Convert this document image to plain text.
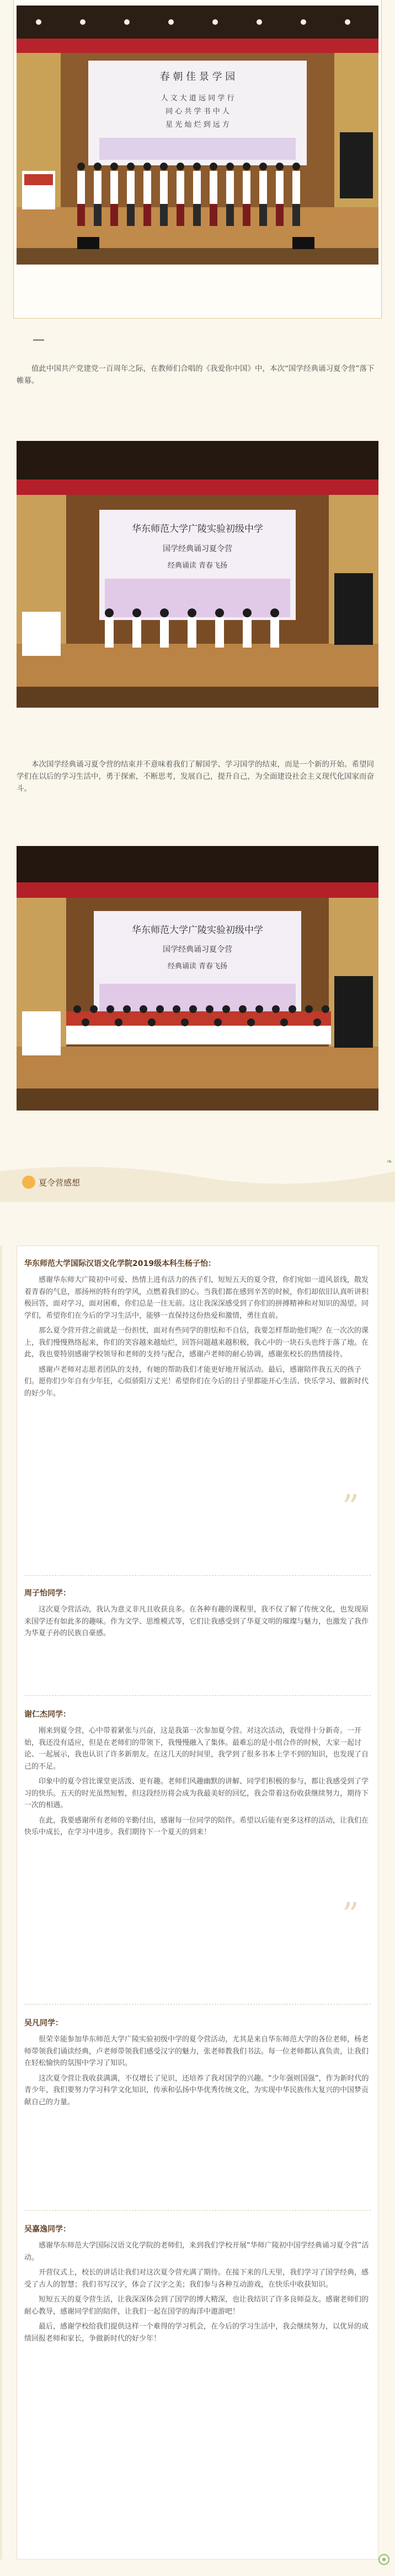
春 朝 佳 景 学 园
人 文 大 道 远 同 学 行
同 心 共 学 书 中 人
星 光 灿 烂 到 远 方
值此中国共产党建党一百周年之际，在教师们合唱的《我爱你中国》中，本次“国学经典诵习夏令营”落下帷幕。
华东师范大学广陵实验初级中学
国学经典诵习夏令营
经典诵读 青春飞扬
本次国学经典诵习夏令营的结束并不意味着我们了解国学、学习国学的结束，而是一个新的开始。希望同学们在以后的学习生活中，勇于探索，不断思考，发展自己，提升自己，为全面建设社会主义现代化国家而奋斗。
华东师范大学广陵实验初级中学
国学经典诵习夏令营
经典诵读 青春飞扬
夏令营感想
❧
华东师范大学国际汉语文化学院2019级本科生杨子怡：

感谢华东师大广陵初中可爱、热情上进有活力的孩子们，短短五天的夏令营，你们宛如一道风景线，散发着青春的气息，那扬州的特有的学风，点燃着我们的心。当我们都在感到辛苦的时候，你们却依旧认真听讲积极回答，面对学习，面对困难，你们总是一往无前。这让我深深感受到了你们的拼搏精神和对知识的渴望。同学们，希望你们在今后的学习生活中，能够一直保持这份热爱和激情，勇往直前。

那么夏令营开营之前就是一份担忧，面对有些同学的胆怯和不自信，我要怎样帮助他们呢？在一次次的课上，我们慢慢熟络起来，你们的笑容越来越灿烂，回答问题越来越积极，我心中的一块石头也终于落了地。在此，我也要特别感谢学校领导和老师的支持与配合，感谢卢老师的耐心协调，感谢张校长的热情接待。

感谢卢老师对志愿者团队的支持，有她的帮助我们才能更好地开展活动。最后，感谢陪伴我五天的孩子们。愿你们少年自有少年狂，心似骄阳万丈光！希望你们在今后的日子里都能开心生活、快乐学习、做新时代的好少年。

”
周子怡同学：

这次夏令营活动，我认为意义非凡且收获良多。在各种有趣的课程里，我不仅了解了传统文化，也发现原来国学还有如此多的趣味。作为文学、思维模式等，它们让我感受到了华夏文明的璀璨与魅力，也激发了我作为华夏子孙的民族自豪感。

谢仁杰同学：

刚来到夏令营，心中带着紧张与兴奋，这是我第一次参加夏令营。对这次活动，我觉得十分新奇。一开始，我还没有适应，但是在老师们的带领下，我慢慢融入了集体。最难忘的是小组合作的时候，大家一起讨论、一起展示，我也认识了许多新朋友。在这几天的时间里，我学到了很多书本上学不到的知识，也发现了自己的不足。

印象中的夏令营比课堂更活泼、更有趣。老师们风趣幽默的讲解、同学们积极的参与，都让我感受到了学习的快乐。五天的时光虽然短暂，但这段经历将会成为我最美好的回忆，我会带着这份收获继续努力，期待下一次的相遇。

在此，我要感谢所有老师的辛勤付出，感谢每一位同学的陪伴。希望以后能有更多这样的活动，让我们在快乐中成长，在学习中进步。我们期待下一个夏天的到来！

”
吴凡同学：

很荣幸能参加华东师范大学广陵实验初级中学的夏令营活动，尤其是来自华东师范大学的各位老师，杨老师带领我们诵读经典，卢老师带领我们感受汉字的魅力，张老师教我们书法。每一位老师都认真负责，让我们在轻松愉快的氛围中学习了知识。

这次夏令营让我收获满满，不仅增长了见识，还培养了我对国学的兴趣。“少年强则国强”，作为新时代的青少年，我们要努力学习科学文化知识，传承和弘扬中华优秀传统文化，为实现中华民族伟大复兴的中国梦贡献自己的力量。

吴嘉逸同学：

感谢华东师范大学国际汉语文化学院的老师们，来到我们学校开展“华师广陵初中国学经典诵习夏令营”活动。

开营仪式上，校长的讲话让我们对这次夏令营充满了期待。在接下来的几天里，我们学习了国学经典，感受了古人的智慧；我们书写汉字，体会了汉字之美；我们参与各种互动游戏，在快乐中收获知识。

短短五天的夏令营生活，让我深深体会到了国学的博大精深，也让我结识了许多良师益友。感谢老师们的耐心教导，感谢同学们的陪伴，让我们一起在国学的海洋中遨游吧！

最后，感谢学校给我们提供这样一个难得的学习机会，在今后的学习生活中，我会继续努力，以优异的成绩回报老师和家长，争做新时代的好少年！
